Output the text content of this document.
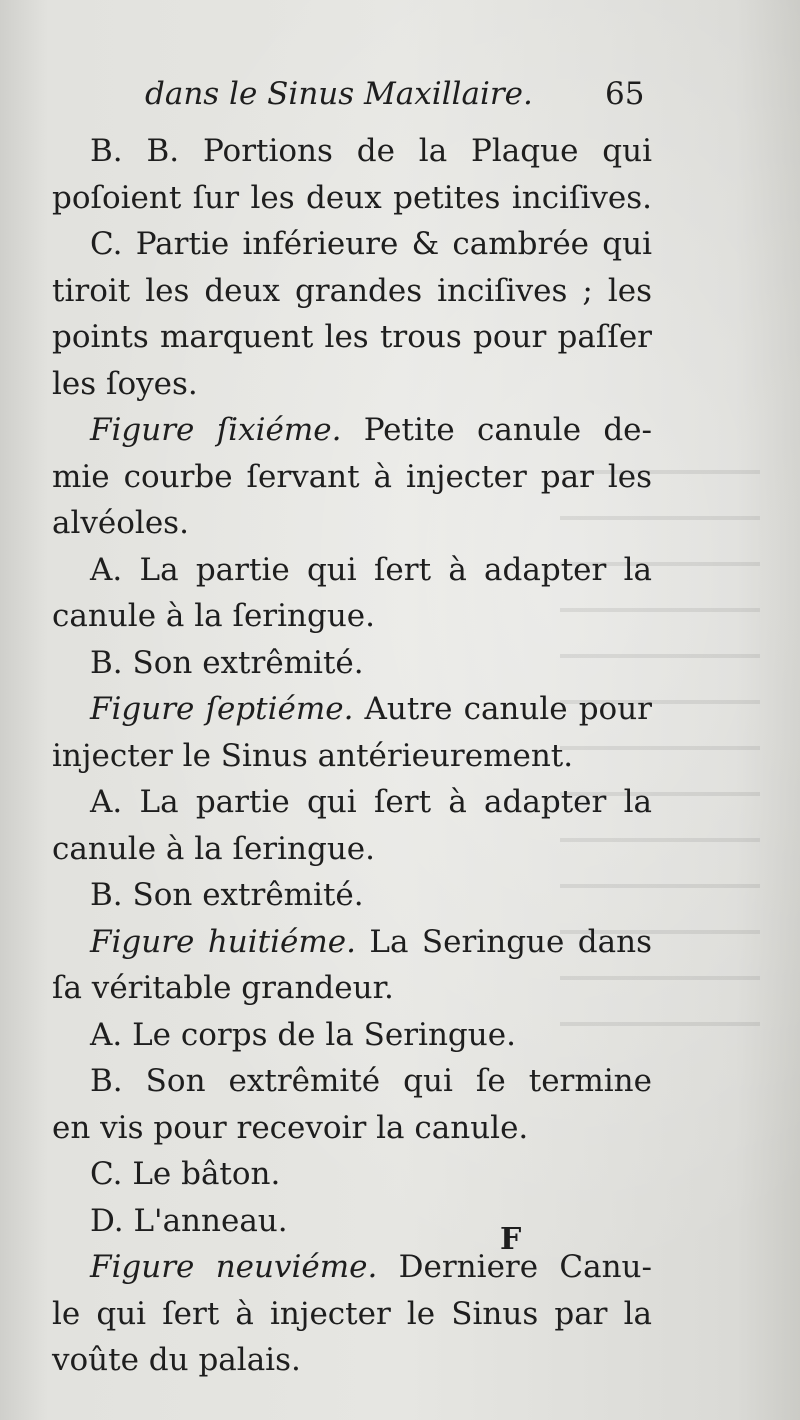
dans le Sinus Maxillaire. 65
B. B. Portions de la Plaque qui
poſoient ſur les deux petites inciſives.
C. Partie inférieure & cambrée qui
tiroit les deux grandes inciſives ; les
points marquent les trous pour paſſer
les ſoyes.
Figure ſixiéme. Petite canule de-
mie courbe ſervant à injecter par les
alvéoles.
A. La partie qui ſert à adapter la
canule à la ſeringue.
B. Son extrêmité.
Figure ſeptiéme. Autre canule pour
injecter le Sinus antérieurement.
A. La partie qui ſert à adapter la
canule à la ſeringue.
B. Son extrêmité.
Figure huitiéme. La Seringue dans
ſa véritable grandeur.
A. Le corps de la Seringue.
B. Son extrêmité qui ſe termine
en vis pour recevoir la canule.
C. Le bâton.
D. L'anneau.
Figure neuviéme. Derniere Canu-
le qui ſert à injecter le Sinus par la
voûte du palais.
F
